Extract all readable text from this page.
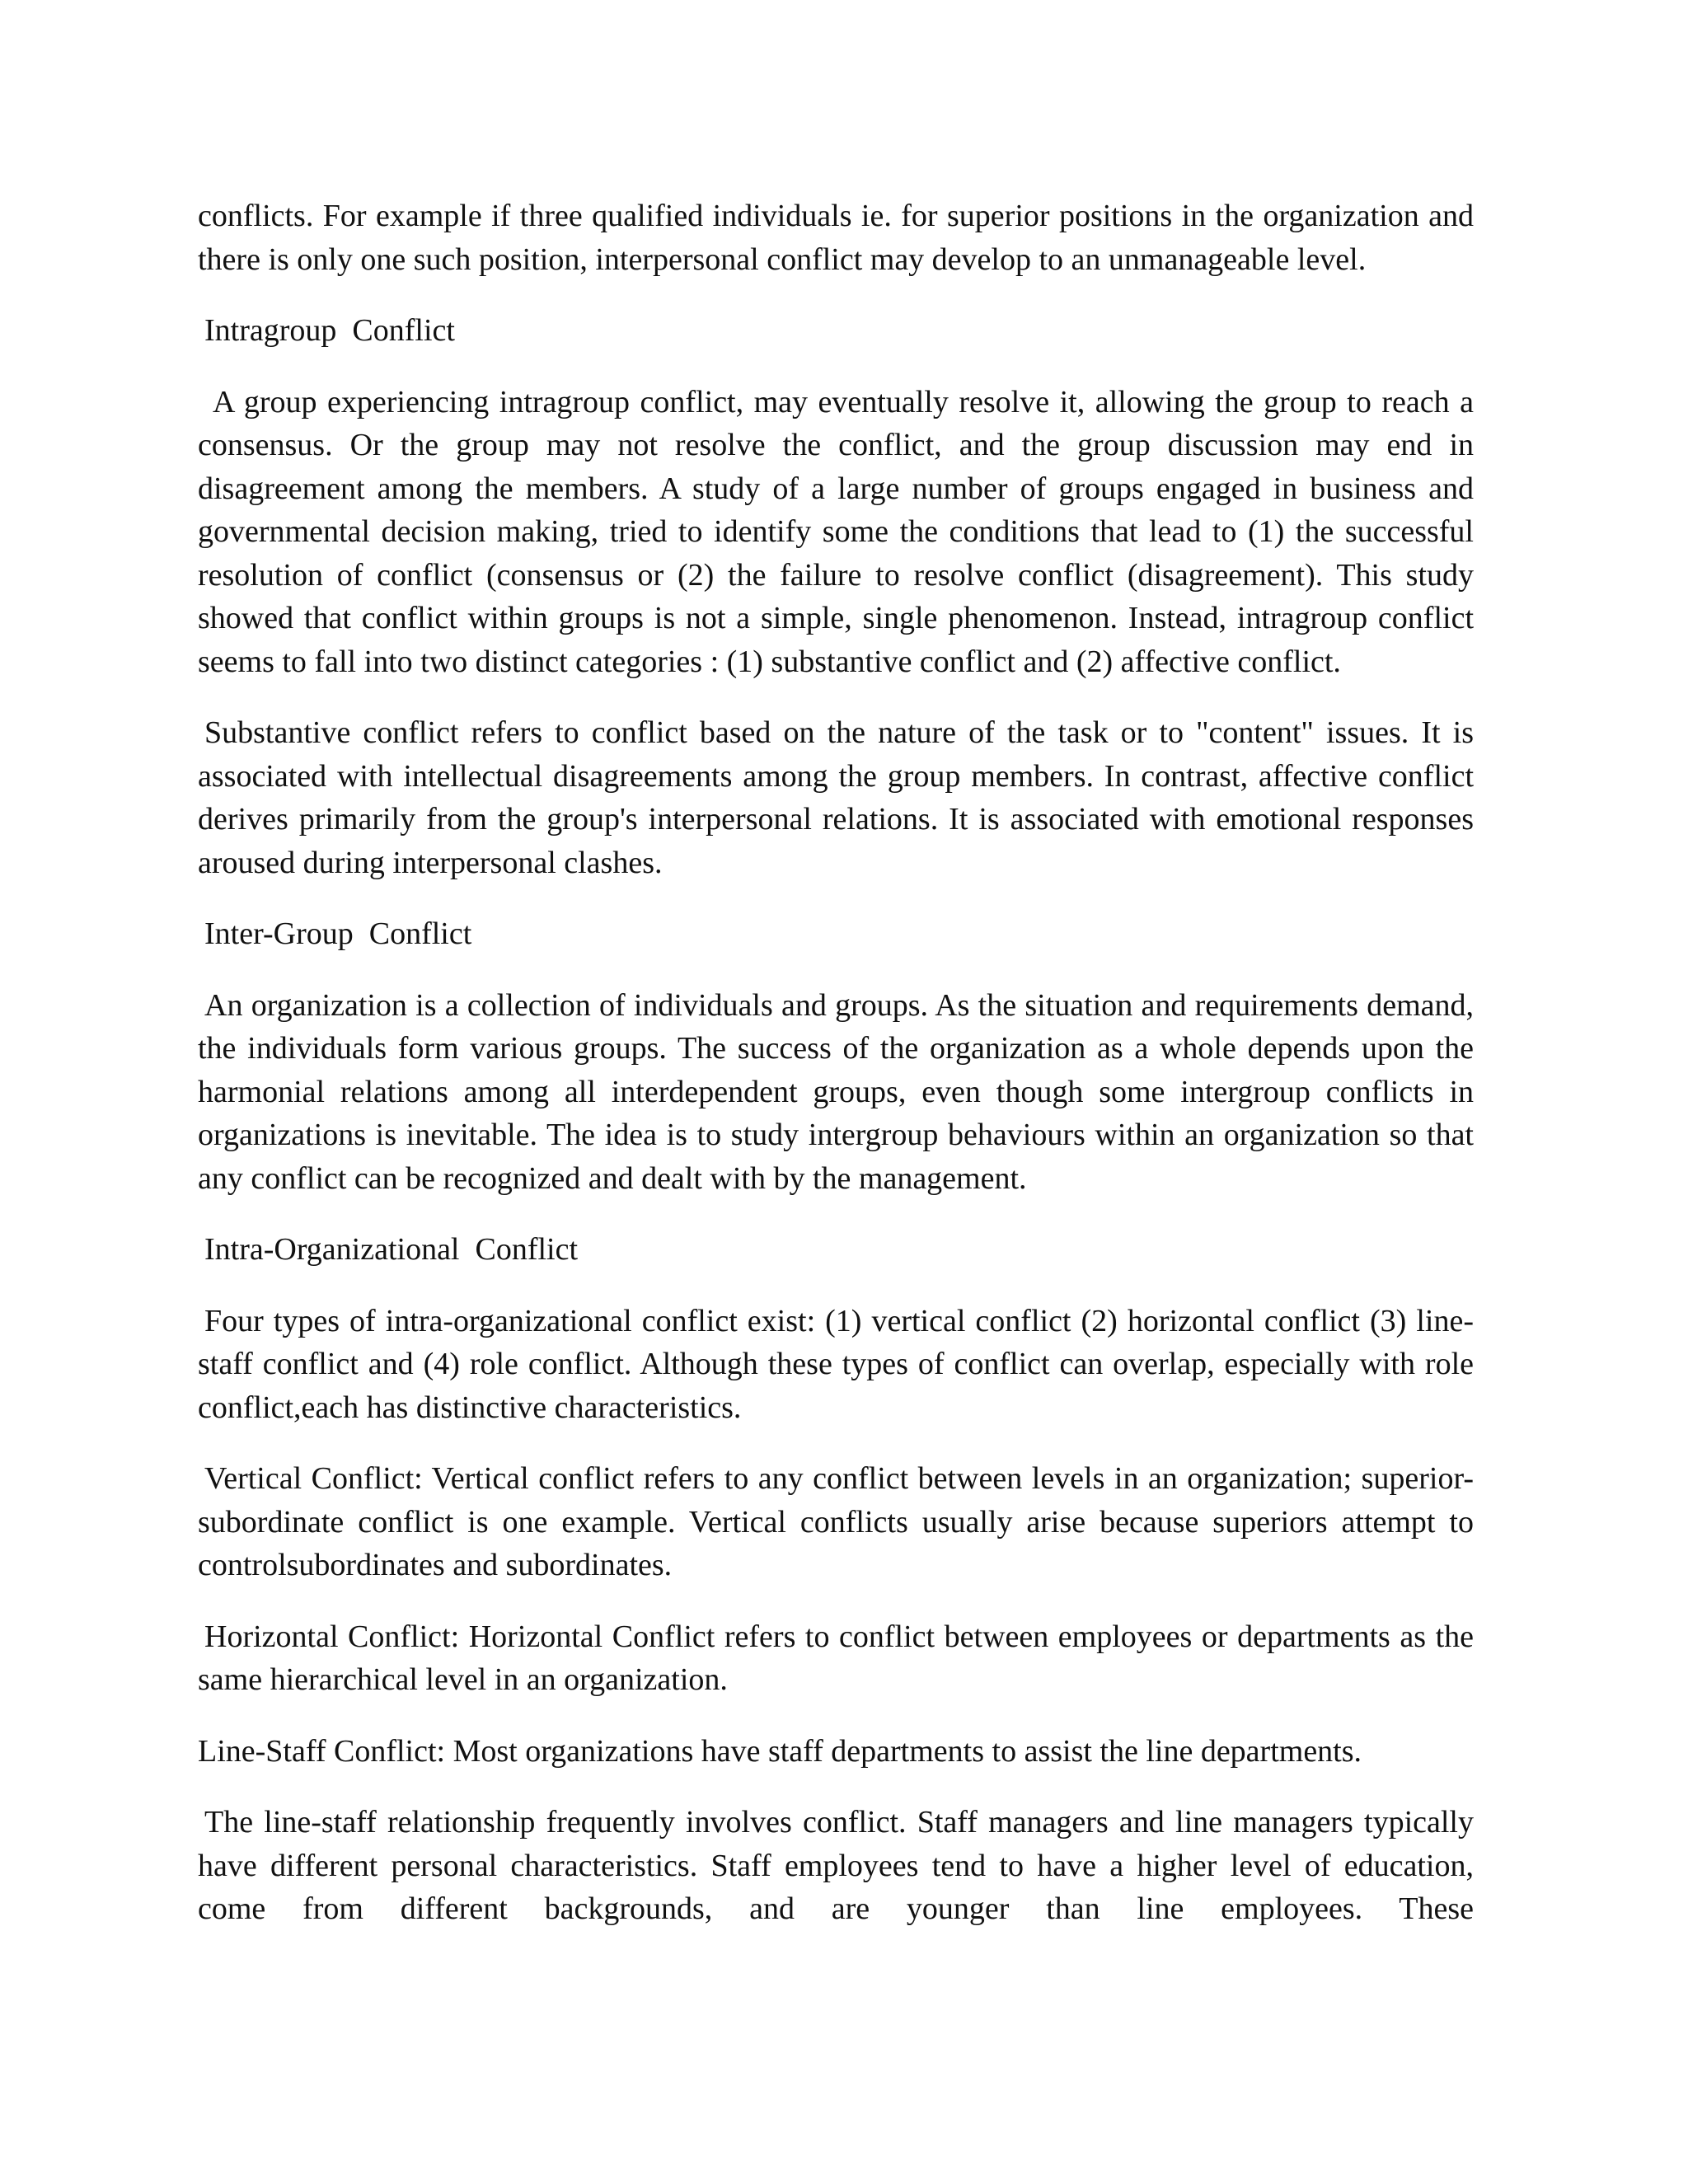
conflicts. For example if three qualified individuals ie. for superior positions in the organization and there is only one such position, interpersonal conflict may develop to an unmanageable level.

Intragroup  Conflict

A group experiencing intragroup conflict, may eventually resolve it, allowing the group to reach a consensus. Or the group may not resolve the conflict, and the group discussion may end in disagreement among the members. A study of a large number of groups engaged in business and governmental decision making, tried to identify some the conditions that lead to (1) the successful resolution of conflict (consensus or (2) the failure to resolve conflict (disagreement). This study showed that conflict within groups is not a simple, single phenomenon. Instead, intragroup conflict seems to fall into two distinct categories : (1) substantive conflict and (2) affective conflict.

Substantive conflict refers to conflict based on the nature of the task or to "content" issues. It is associated with intellectual disagreements among the group members. In contrast, affective conflict derives primarily from the group's interpersonal relations. It is associated with emotional responses aroused during interpersonal clashes.

Inter-Group  Conflict

An organization is a collection of individuals and groups. As the situation and requirements demand, the individuals form various groups. The success of the organization as a whole depends upon the harmonial relations among all interdependent groups, even though some intergroup conflicts in organizations is inevitable. The idea is to study intergroup behaviours within an organization so that any conflict can be recognized and dealt with by the management.

Intra-Organizational  Conflict

Four types of intra-organizational conflict exist: (1) vertical conflict (2) horizontal conflict (3) line-staff conflict and (4) role conflict. Although these types of conflict can overlap, especially with role conflict,each has distinctive characteristics.

Vertical Conflict: Vertical conflict refers to any conflict between levels in an organization; superior-subordinate conflict is one example. Vertical conflicts usually arise because superiors attempt to controlsubordinates and subordinates.

Horizontal Conflict: Horizontal Conflict refers to conflict between employees or departments as the same hierarchical level in an organization.

Line-Staff Conflict: Most organizations have staff departments to assist the line departments.

The line-staff relationship frequently involves conflict. Staff managers and line managers typically have different personal characteristics. Staff employees tend to have a higher level of education, come from different backgrounds, and are younger than line employees. These
